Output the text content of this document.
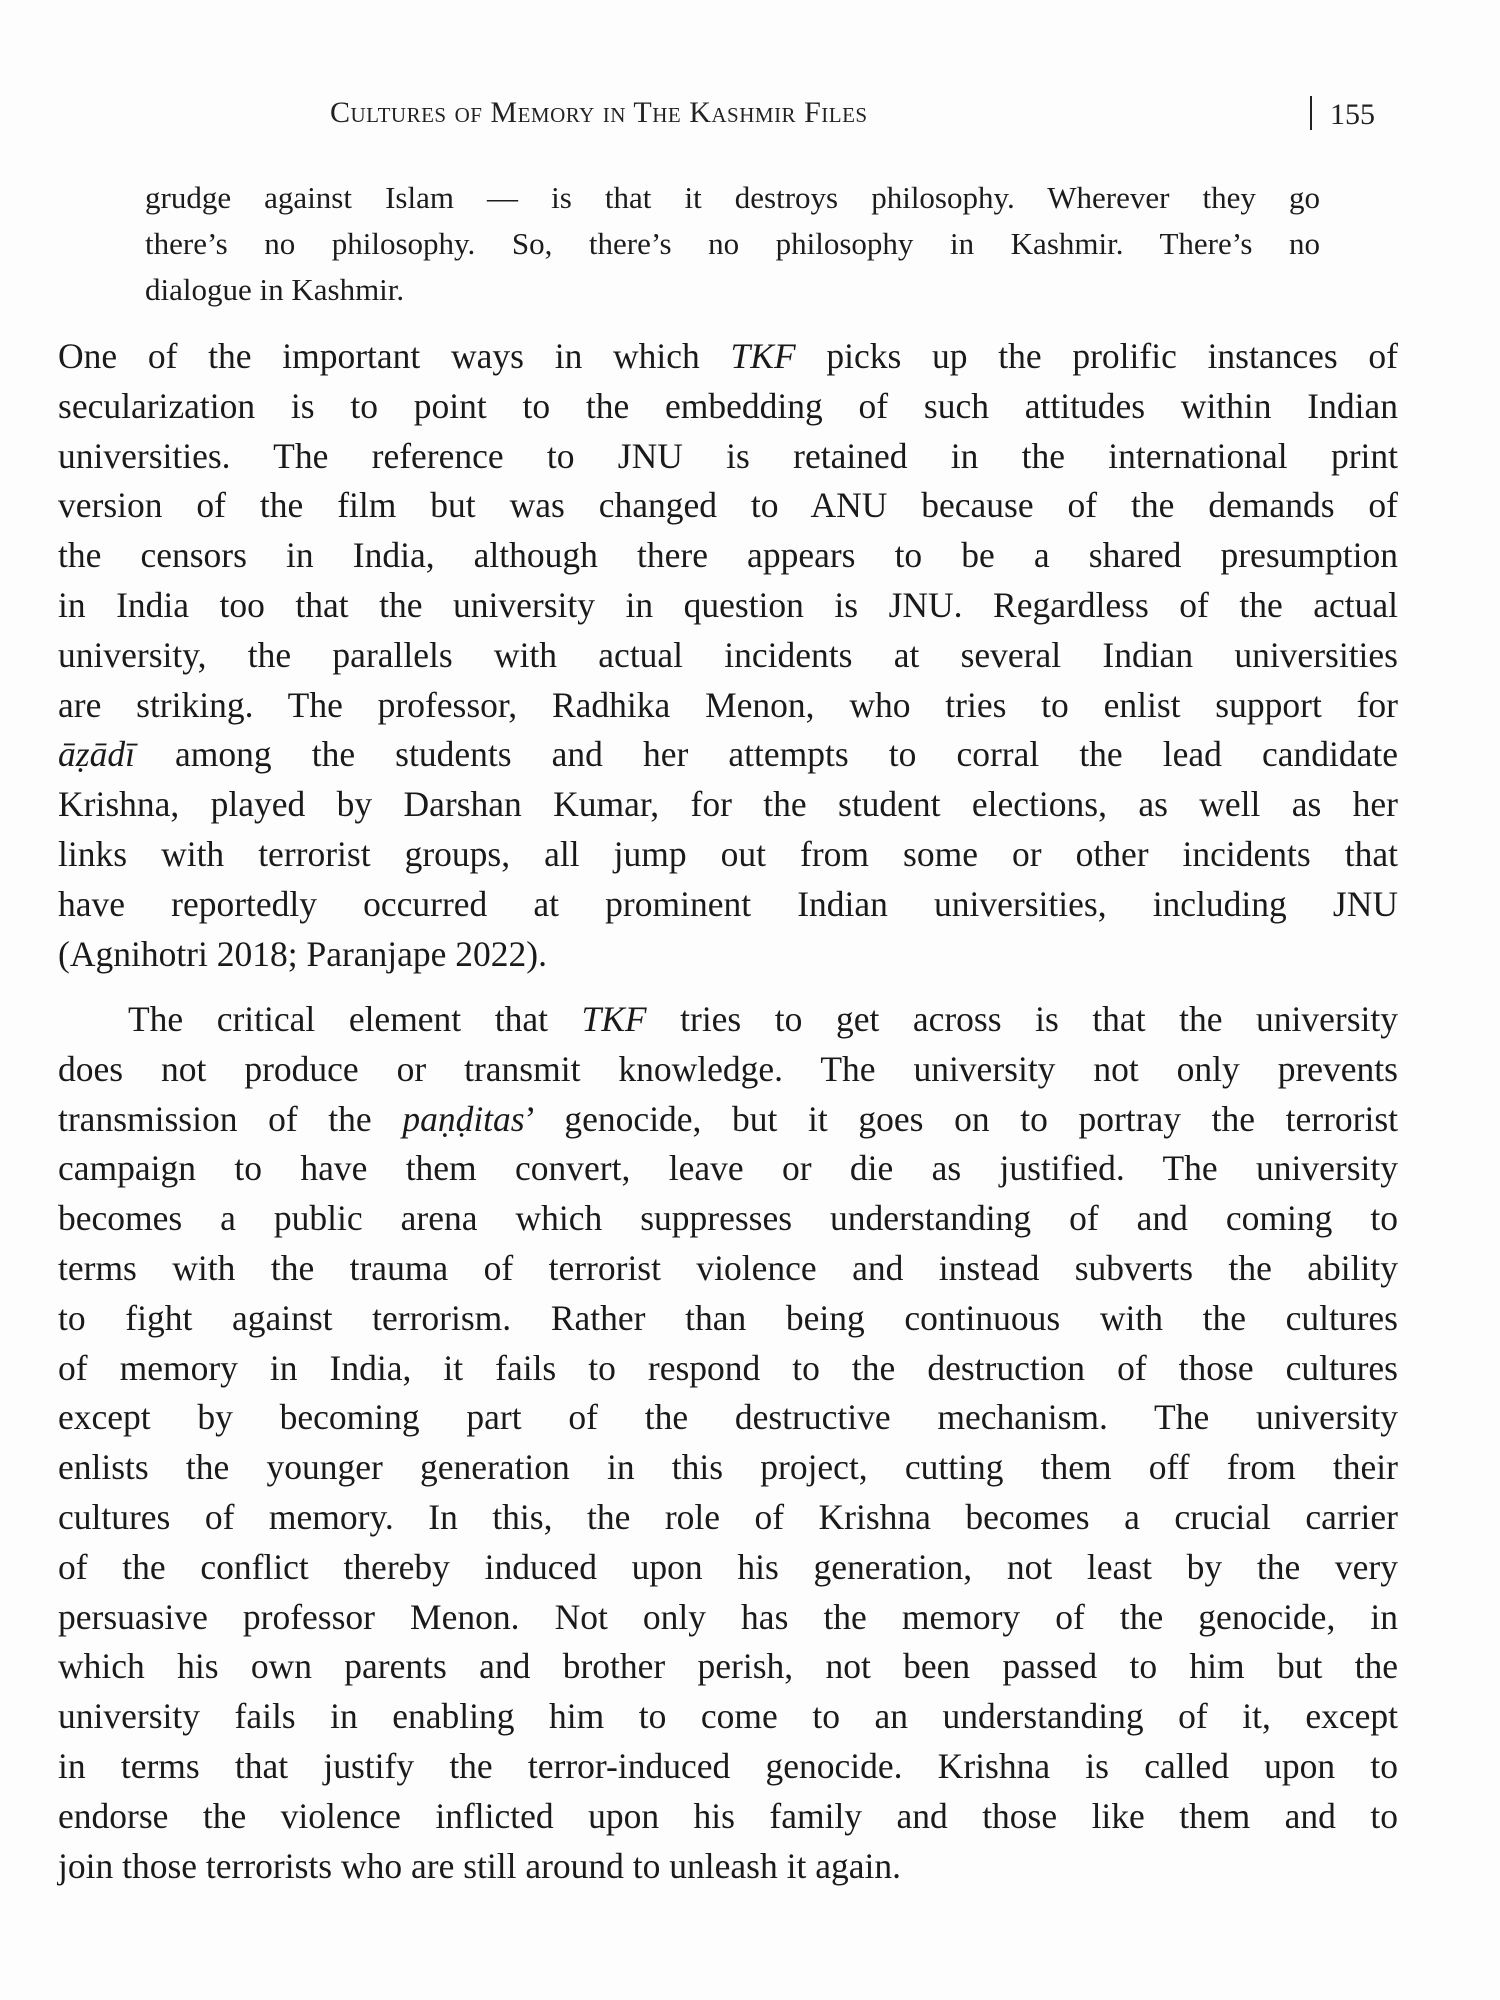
Cultures of Memory in The Kashmir Files	155
grudge against Islam — is that it destroys philosophy. Wherever they go
there’s no philosophy. So, there’s no philosophy in Kashmir. There’s no
dialogue in Kashmir.
One of the important ways in which TKF picks up the prolific instances of
secularization is to point to the embedding of such attitudes within Indian
universities. The reference to JNU is retained in the international print
version of the film but was changed to ANU because of the demands of
the censors in India, although there appears to be a shared presumption
in India too that the university in question is JNU. Regardless of the actual
university, the parallels with actual incidents at several Indian universities
are striking. The professor, Radhika Menon, who tries to enlist support for
āẓādī among the students and her attempts to corral the lead candidate
Krishna, played by Darshan Kumar, for the student elections, as well as her
links with terrorist groups, all jump out from some or other incidents that
have reportedly occurred at prominent Indian universities, including JNU
(Agnihotri 2018; Paranjape 2022).
The critical element that TKF tries to get across is that the university
does not produce or transmit knowledge. The university not only prevents
transmission of the paṇḍitas’ genocide, but it goes on to portray the terrorist
campaign to have them convert, leave or die as justified. The university
becomes a public arena which suppresses understanding of and coming to
terms with the trauma of terrorist violence and instead subverts the ability
to fight against terrorism. Rather than being continuous with the cultures
of memory in India, it fails to respond to the destruction of those cultures
except by becoming part of the destructive mechanism. The university
enlists the younger generation in this project, cutting them off from their
cultures of memory. In this, the role of Krishna becomes a crucial carrier
of the conflict thereby induced upon his generation, not least by the very
persuasive professor Menon. Not only has the memory of the genocide, in
which his own parents and brother perish, not been passed to him but the
university fails in enabling him to come to an understanding of it, except
in terms that justify the terror-induced genocide. Krishna is called upon to
endorse the violence inflicted upon his family and those like them and to
join those terrorists who are still around to unleash it again.
